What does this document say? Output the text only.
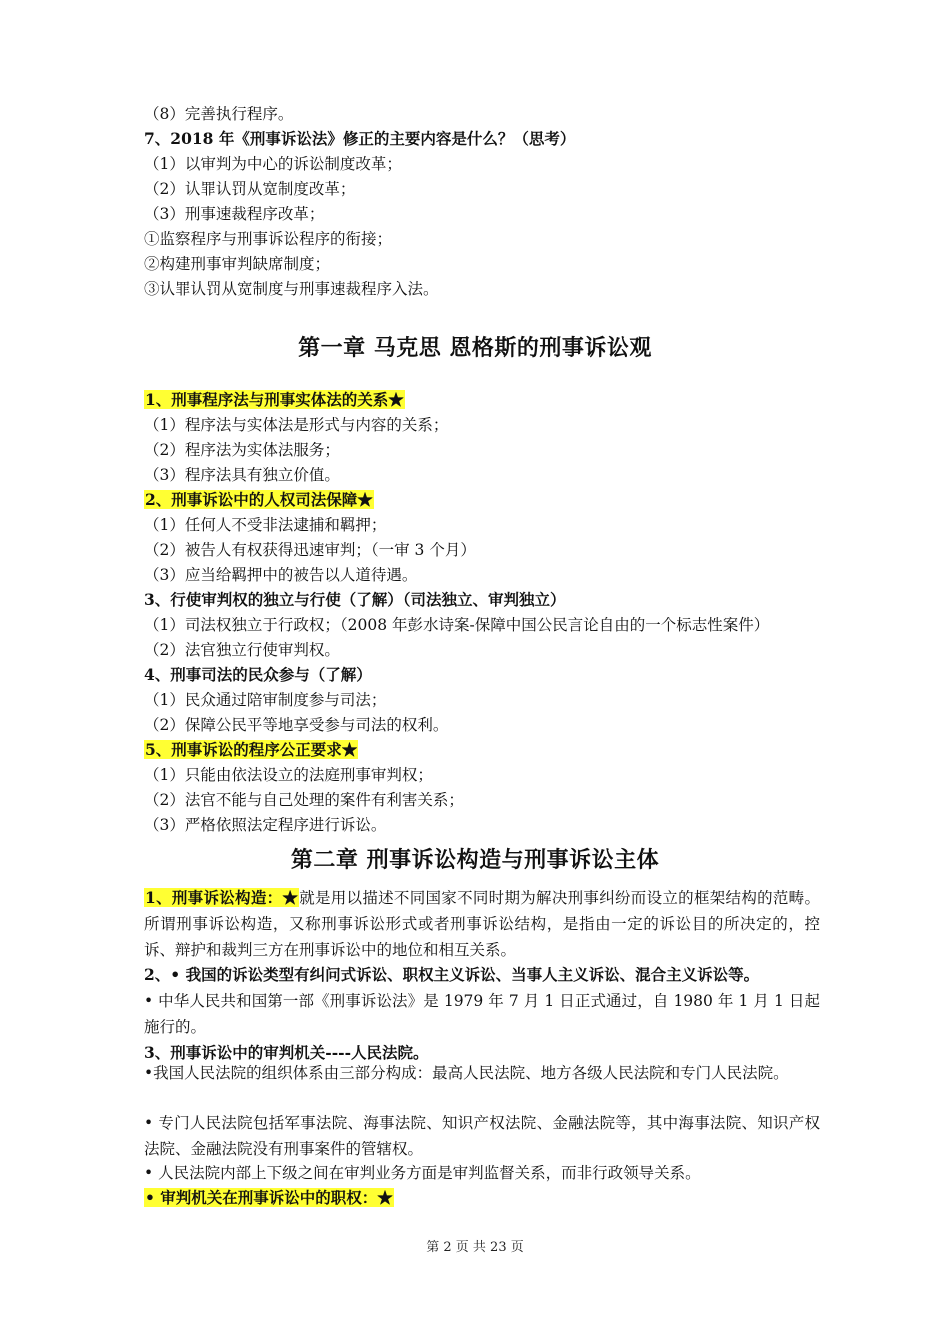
（8）完善执行程序。
7、2018 年《刑事诉讼法》修正的主要内容是什么？（思考）
（1）以审判为中心的诉讼制度改革；
（2）认罪认罚从宽制度改革；
（3）刑事速裁程序改革；
①监察程序与刑事诉讼程序的衔接；
②构建刑事审判缺席制度；
③认罪认罚从宽制度与刑事速裁程序入法。
第一章 马克思 恩格斯的刑事诉讼观
1、刑事程序法与刑事实体法的关系★
（1）程序法与实体法是形式与内容的关系；
（2）程序法为实体法服务；
（3）程序法具有独立价值。
2、刑事诉讼中的人权司法保障★
（1）任何人不受非法逮捕和羁押；
（2）被告人有权获得迅速审判；（一审 3 个月）
（3）应当给羁押中的被告以人道待遇。
3、行使审判权的独立与行使（了解）（司法独立、审判独立）
（1）司法权独立于行政权；（2008 年彭水诗案-保障中国公民言论自由的一个标志性案件）
（2）法官独立行使审判权。
4、刑事司法的民众参与（了解）
（1）民众通过陪审制度参与司法；
（2）保障公民平等地享受参与司法的权利。
5、刑事诉讼的程序公正要求★
（1）只能由依法设立的法庭刑事审判权；
（2）法官不能与自己处理的案件有利害关系；
（3）严格依照法定程序进行诉讼。
第二章 刑事诉讼构造与刑事诉讼主体
1、刑事诉讼构造：★就是用以描述不同国家不同时期为解决刑事纠纷而设立的框架结构的范畴。所谓刑事诉讼构造，又称刑事诉讼形式或者刑事诉讼结构，是指由一定的诉讼目的所决定的，控诉、辩护和裁判三方在刑事诉讼中的地位和相互关系。
2、• 我国的诉讼类型有纠问式诉讼、职权主义诉讼、当事人主义诉讼、混合主义诉讼等。
• 中华人民共和国第一部《刑事诉讼法》是 1979 年 7 月 1 日正式通过，自 1980 年 1 月 1 日起施行的。
3、刑事诉讼中的审判机关----人民法院。
•我国人民法院的组织体系由三部分构成：最高人民法院、地方各级人民法院和专门人民法院。
• 专门人民法院包括军事法院、海事法院、知识产权法院、金融法院等，其中海事法院、知识产权法院、金融法院没有刑事案件的管辖权。
• 人民法院内部上下级之间在审判业务方面是审判监督关系，而非行政领导关系。
• 审判机关在刑事诉讼中的职权：★
第 2 页 共 23 页
